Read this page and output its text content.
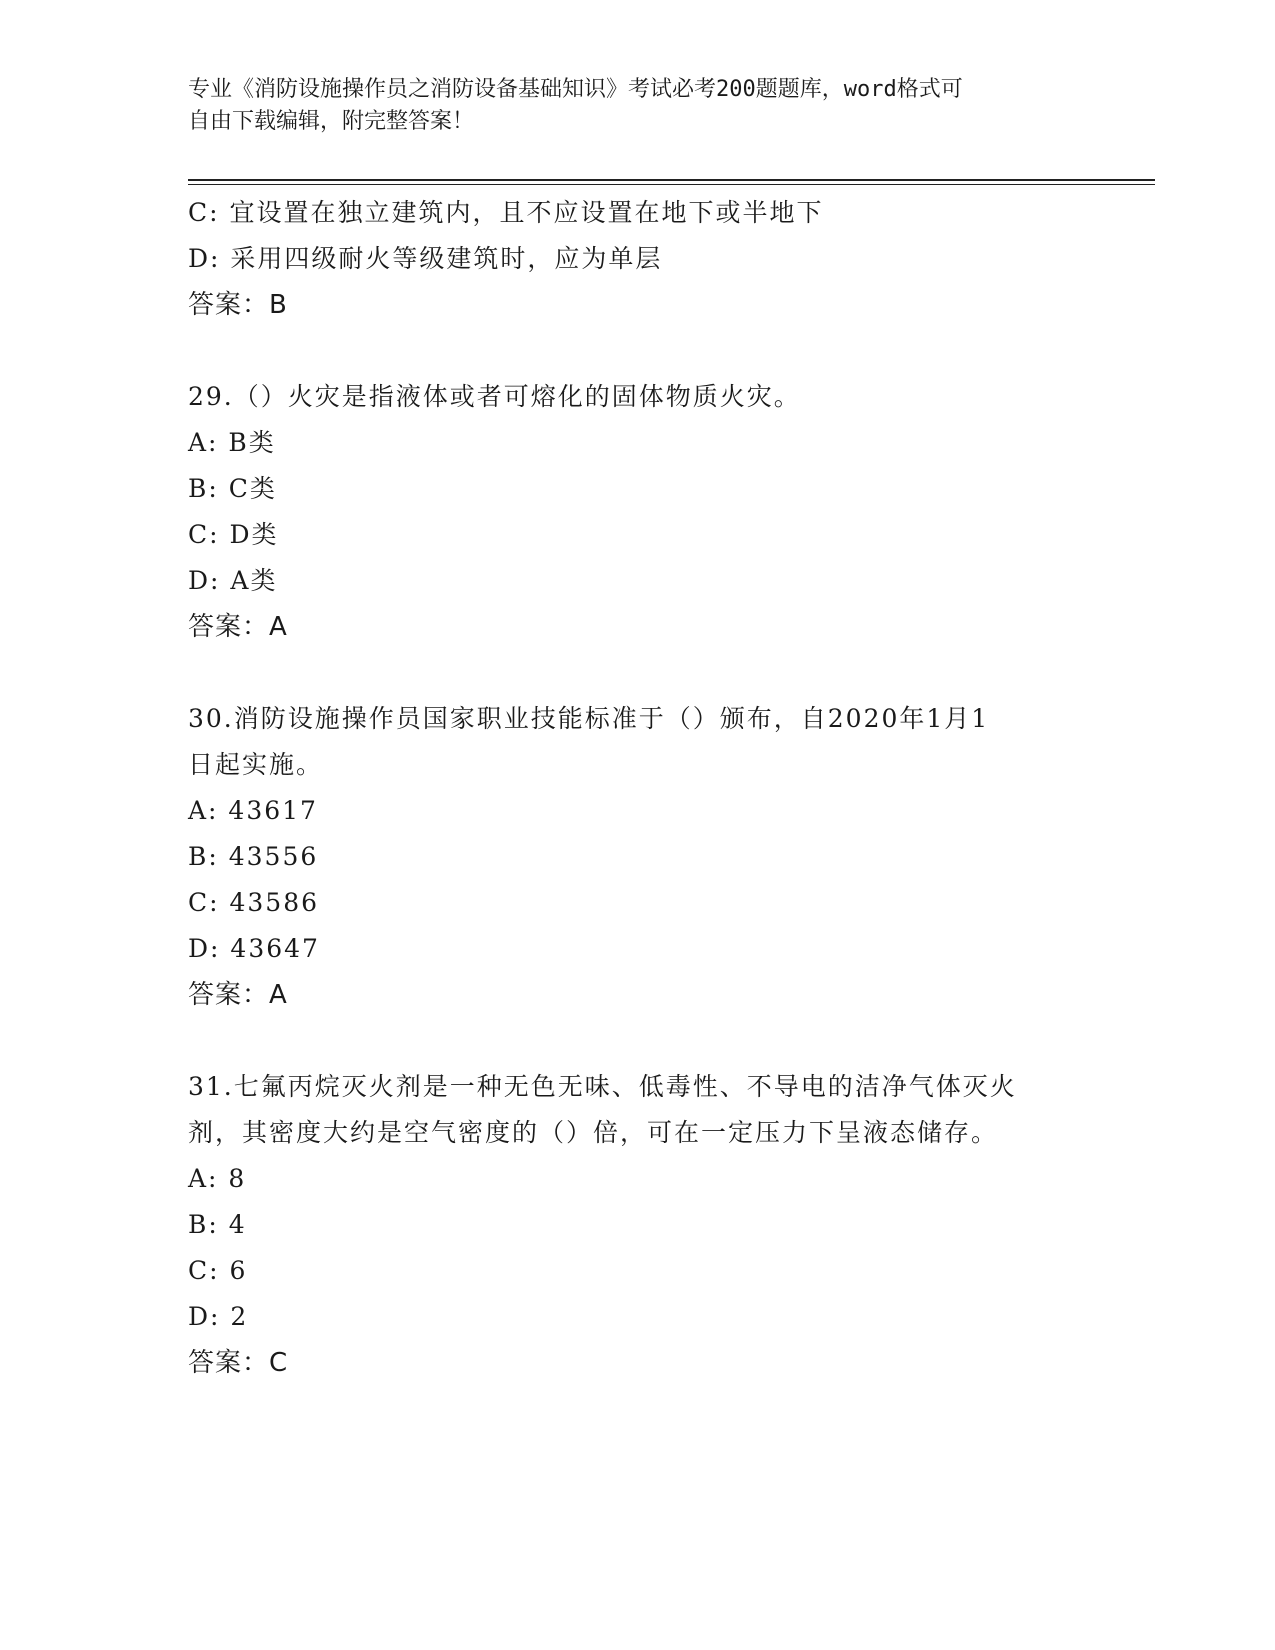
专业《消防设施操作员之消防设备基础知识》考试必考200题题库，word格式可
自由下载编辑，附完整答案！
C: 宜设置在独立建筑内，且不应设置在地下或半地下
D: 采用四级耐火等级建筑时，应为单层
答案：B
29.（）火灾是指液体或者可熔化的固体物质火灾。
A: B类
B: C类
C: D类
D: A类
答案：A
30.消防设施操作员国家职业技能标准于（）颁布，自2020年1月1
日起实施。
A: 43617
B: 43556
C: 43586
D: 43647
答案：A
31.七氟丙烷灭火剂是一种无色无味、低毒性、不导电的洁净气体灭火
剂，其密度大约是空气密度的（）倍，可在一定压力下呈液态储存。
A: 8
B: 4
C: 6
D: 2
答案：C
